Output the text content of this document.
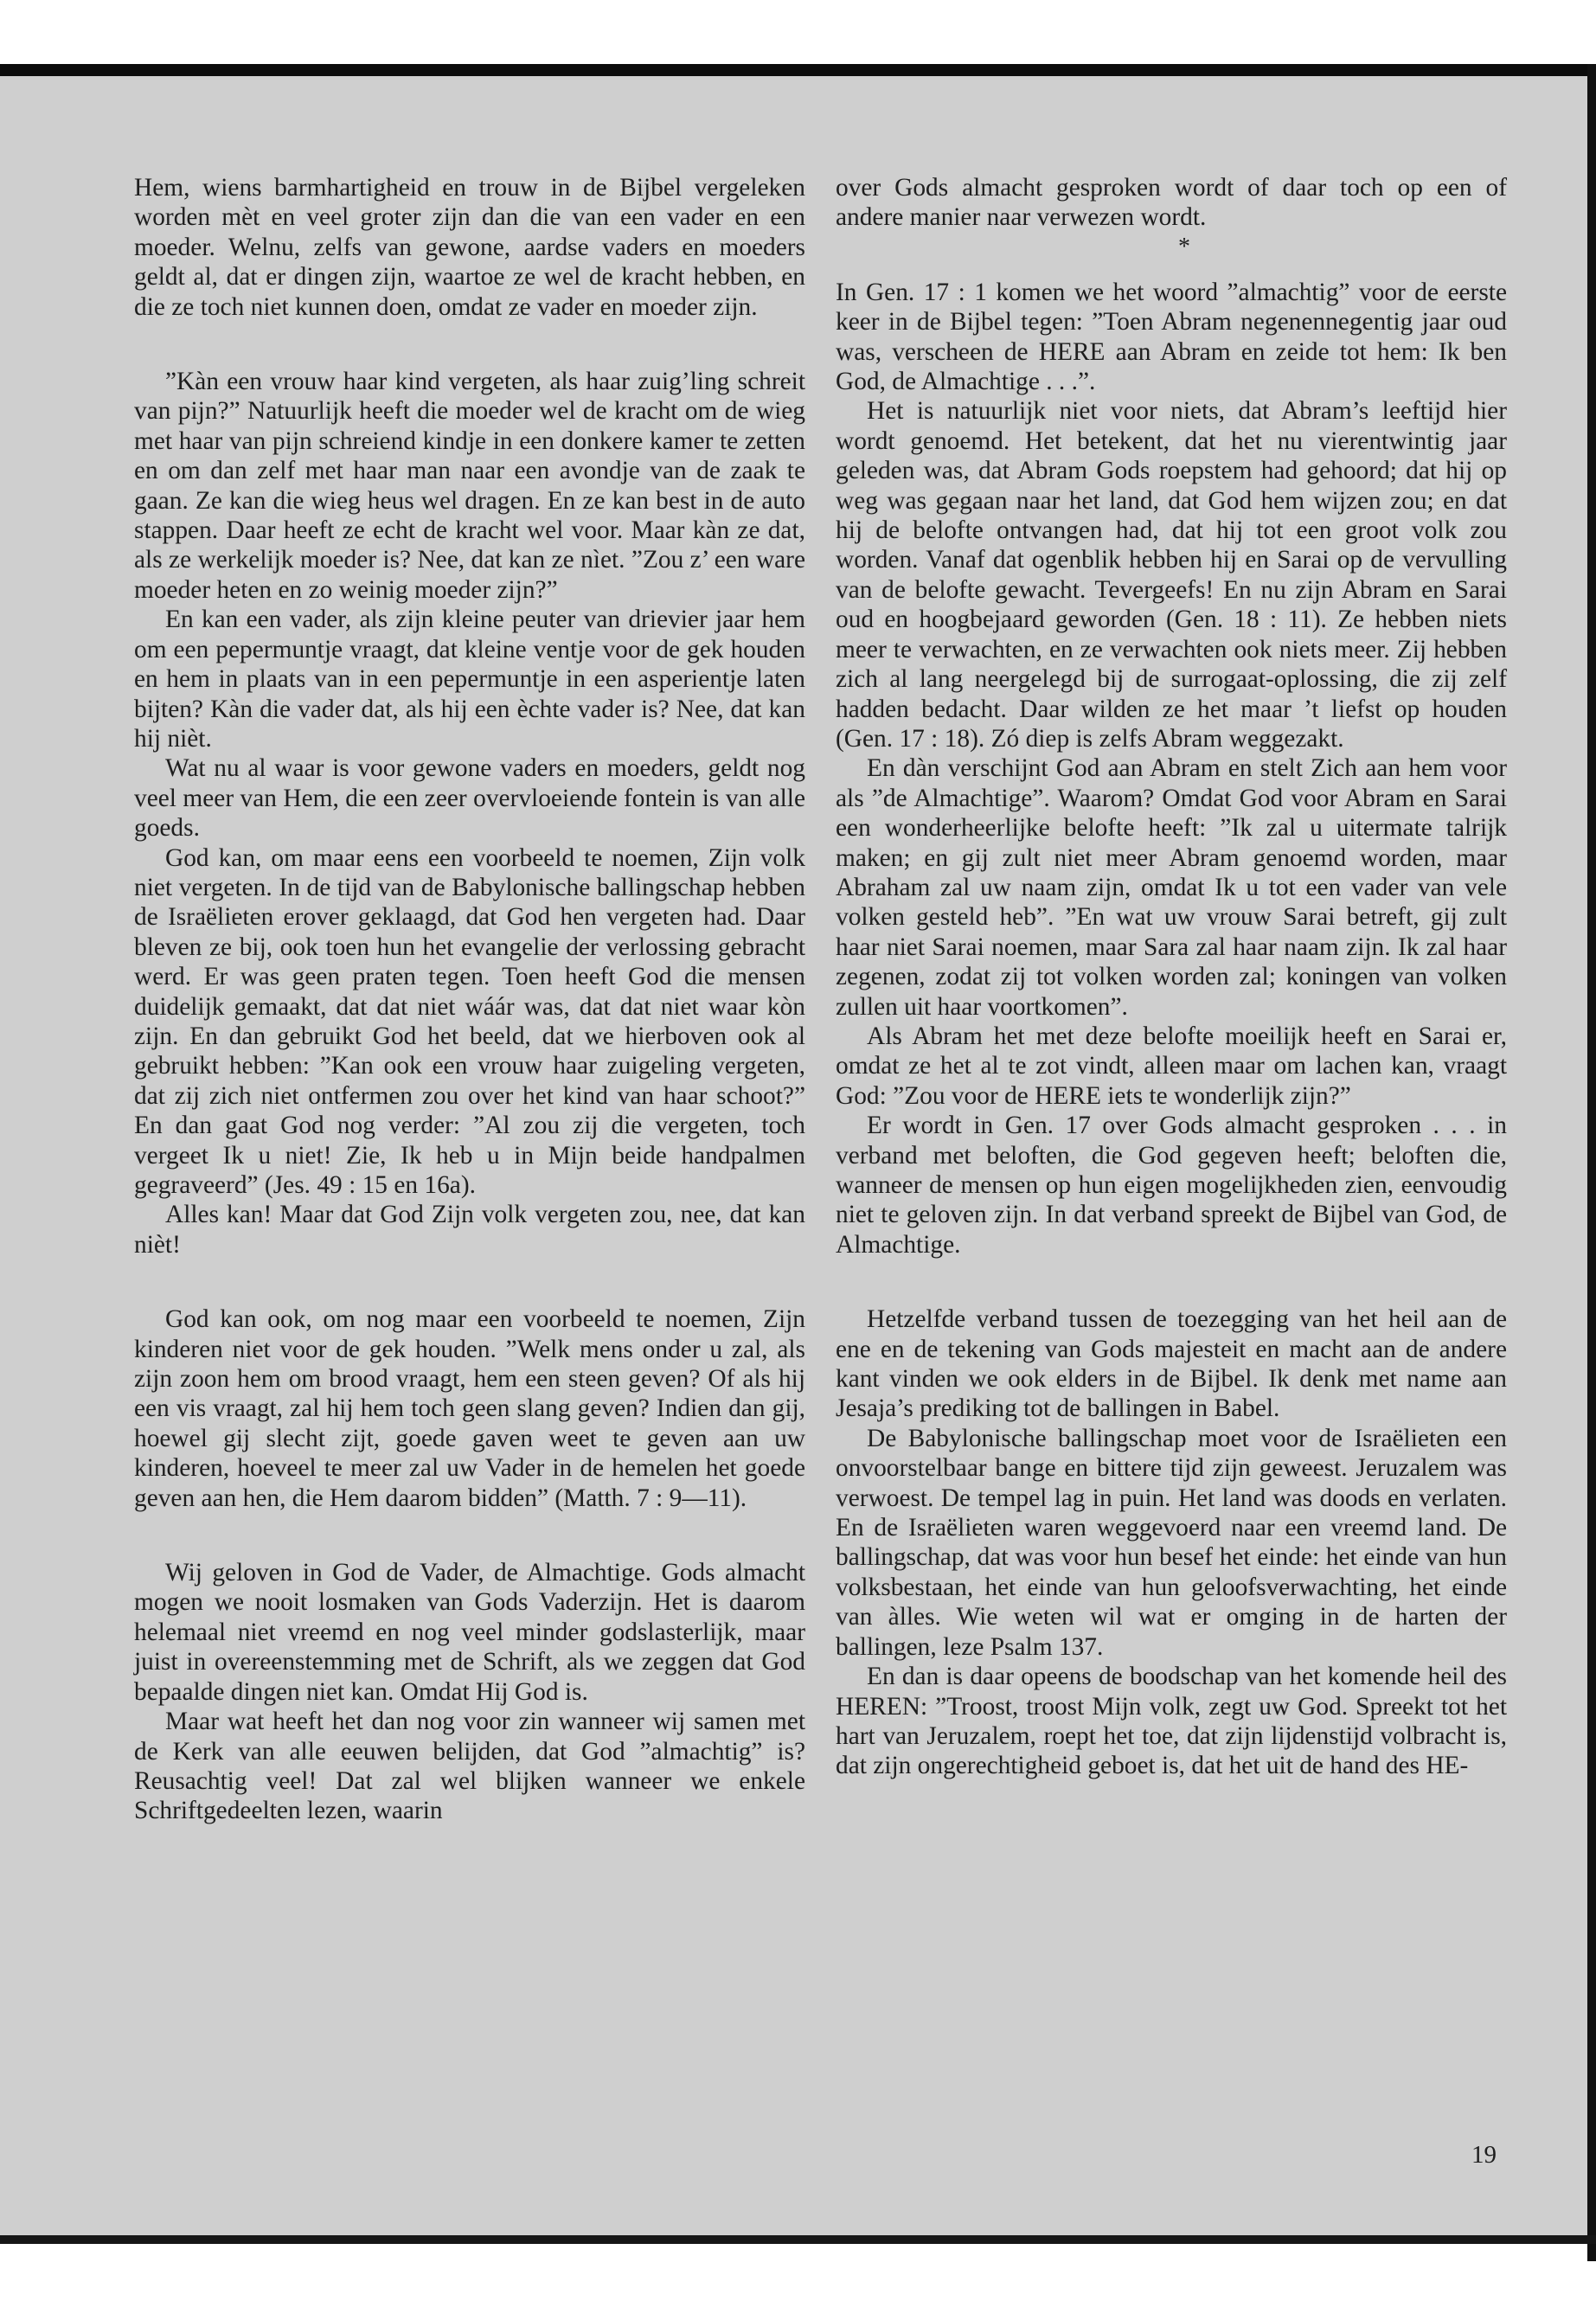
Hem, wiens barmhartigheid en trouw in de Bijbel vergeleken worden mèt en veel groter zijn dan die van een vader en een moeder. Welnu, zelfs van gewone, aardse vaders en moeders geldt al, dat er dingen zijn, waartoe ze wel de kracht hebben, en die ze toch niet kunnen doen, omdat ze vader en moeder zijn.

”Kàn een vrouw haar kind vergeten, als haar zuig’ling schreit van pijn?” Natuurlijk heeft die moeder wel de kracht om de wieg met haar van pijn schreiend kindje in een donkere kamer te zetten en om dan zelf met haar man naar een avondje van de zaak te gaan. Ze kan die wieg heus wel dragen. En ze kan best in de auto stappen. Daar heeft ze echt de kracht wel voor. Maar kàn ze dat, als ze werkelijk moeder is? Nee, dat kan ze nìet. ”Zou z’ een ware moeder heten en zo weinig moeder zijn?”

En kan een vader, als zijn kleine peuter van drievier jaar hem om een pepermuntje vraagt, dat kleine ventje voor de gek houden en hem in plaats van in een pepermuntje in een asperientje laten bijten? Kàn die vader dat, als hij een èchte vader is? Nee, dat kan hij nièt.

Wat nu al waar is voor gewone vaders en moeders, geldt nog veel meer van Hem, die een zeer overvloeiende fontein is van alle goeds.

God kan, om maar eens een voorbeeld te noemen, Zijn volk niet vergeten. In de tijd van de Babylonische ballingschap hebben de Israëlieten erover geklaagd, dat God hen vergeten had. Daar bleven ze bij, ook toen hun het evangelie der verlossing gebracht werd. Er was geen praten tegen. Toen heeft God die mensen duidelijk gemaakt, dat dat niet wáár was, dat dat niet waar kòn zijn. En dan gebruikt God het beeld, dat we hierboven ook al gebruikt hebben: ”Kan ook een vrouw haar zuigeling vergeten, dat zij zich niet ontfermen zou over het kind van haar schoot?” En dan gaat God nog verder: ”Al zou zij die vergeten, toch vergeet Ik u niet! Zie, Ik heb u in Mijn beide handpalmen gegraveerd” (Jes. 49 : 15 en 16a).

Alles kan! Maar dat God Zijn volk vergeten zou, nee, dat kan nièt!

God kan ook, om nog maar een voorbeeld te noemen, Zijn kinderen niet voor de gek houden. ”Welk mens onder u zal, als zijn zoon hem om brood vraagt, hem een steen geven? Of als hij een vis vraagt, zal hij hem toch geen slang geven? Indien dan gij, hoewel gij slecht zijt, goede gaven weet te geven aan uw kinderen, hoeveel te meer zal uw Vader in de hemelen het goede geven aan hen, die Hem daarom bidden” (Matth. 7 : 9—11).

Wij geloven in God de Vader, de Almachtige. Gods almacht mogen we nooit losmaken van Gods Vaderzijn. Het is daarom helemaal niet vreemd en nog veel minder godslasterlijk, maar juist in overeenstemming met de Schrift, als we zeggen dat God bepaalde dingen niet kan. Omdat Hij God is.

Maar wat heeft het dan nog voor zin wanneer wij samen met de Kerk van alle eeuwen belijden, dat God ”almachtig” is? Reusachtig veel! Dat zal wel blijken wanneer we enkele Schriftgedeelten lezen, waarin

over Gods almacht gesproken wordt of daar toch op een of andere manier naar verwezen wordt.

*

In Gen. 17 : 1 komen we het woord ”almachtig” voor de eerste keer in de Bijbel tegen: ”Toen Abram negenennegentig jaar oud was, verscheen de HERE aan Abram en zeide tot hem: Ik ben God, de Almachtige . . .”.

Het is natuurlijk niet voor niets, dat Abram’s leeftijd hier wordt genoemd. Het betekent, dat het nu vierentwintig jaar geleden was, dat Abram Gods roepstem had gehoord; dat hij op weg was gegaan naar het land, dat God hem wijzen zou; en dat hij de belofte ontvangen had, dat hij tot een groot volk zou worden. Vanaf dat ogenblik hebben hij en Sarai op de vervulling van de belofte gewacht. Tevergeefs! En nu zijn Abram en Sarai oud en hoogbejaard geworden (Gen. 18 : 11). Ze hebben niets meer te verwachten, en ze verwachten ook niets meer. Zij hebben zich al lang neergelegd bij de surrogaat-oplossing, die zij zelf hadden bedacht. Daar wilden ze het maar ’t liefst op houden (Gen. 17 : 18). Zó diep is zelfs Abram weggezakt.

En dàn verschijnt God aan Abram en stelt Zich aan hem voor als ”de Almachtige”. Waarom? Omdat God voor Abram en Sarai een wonderheerlijke belofte heeft: ”Ik zal u uitermate talrijk maken; en gij zult niet meer Abram genoemd worden, maar Abraham zal uw naam zijn, omdat Ik u tot een vader van vele volken gesteld heb”. ”En wat uw vrouw Sarai betreft, gij zult haar niet Sarai noemen, maar Sara zal haar naam zijn. Ik zal haar zegenen, zodat zij tot volken worden zal; koningen van volken zullen uit haar voortkomen”.

Als Abram het met deze belofte moeilijk heeft en Sarai er, omdat ze het al te zot vindt, alleen maar om lachen kan, vraagt God: ”Zou voor de HERE iets te wonderlijk zijn?”

Er wordt in Gen. 17 over Gods almacht gesproken . . . in verband met beloften, die God gegeven heeft; beloften die, wanneer de mensen op hun eigen mogelijkheden zien, eenvoudig niet te geloven zijn. In dat verband spreekt de Bijbel van God, de Almachtige.

Hetzelfde verband tussen de toezegging van het heil aan de ene en de tekening van Gods majesteit en macht aan de andere kant vinden we ook elders in de Bijbel. Ik denk met name aan Jesaja’s prediking tot de ballingen in Babel.

De Babylonische ballingschap moet voor de Israëlieten een onvoorstelbaar bange en bittere tijd zijn geweest. Jeruzalem was verwoest. De tempel lag in puin. Het land was doods en verlaten. En de Israëlieten waren weggevoerd naar een vreemd land. De ballingschap, dat was voor hun besef het einde: het einde van hun volksbestaan, het einde van hun geloofsverwachting, het einde van àlles. Wie weten wil wat er omging in de harten der ballingen, leze Psalm 137.

En dan is daar opeens de boodschap van het komende heil des HEREN: ”Troost, troost Mijn volk, zegt uw God. Spreekt tot het hart van Jeruzalem, roept het toe, dat zijn lijdenstijd volbracht is, dat zijn ongerechtigheid geboet is, dat het uit de hand des HE-

19
